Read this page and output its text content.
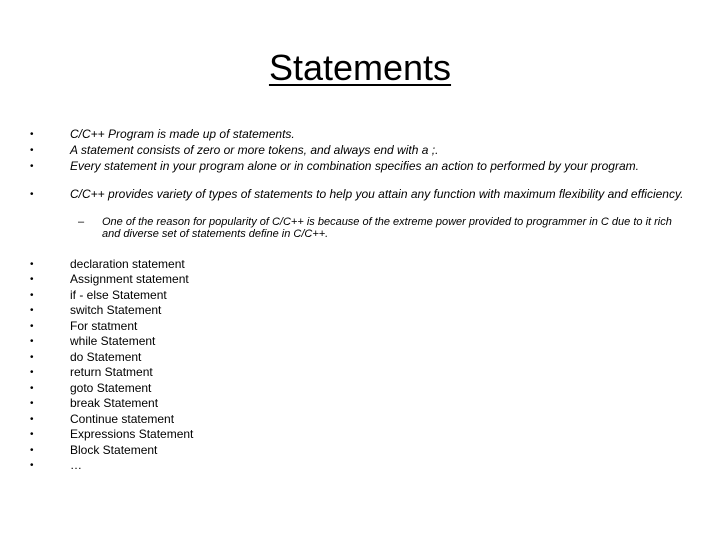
Statements
• C/C++ Program is made up of statements.
• A statement consists of zero or more tokens, and always end with a ;.
• Every statement in your program alone or in combination specifies an action to performed by your program.
• C/C++ provides variety of types of statements to help you attain any function with maximum flexibility and efficiency.
– One of the reason for popularity of C/C++ is because of the extreme power provided to programmer in C due to it rich and diverse set of statements define in C/C++.
• declaration statement
• Assignment statement
• if - else Statement
• switch Statement
• For statment
• while Statement
• do Statement
• return Statment
• goto Statement
• break Statement
• Continue statement
• Expressions Statement
• Block Statement
• …
